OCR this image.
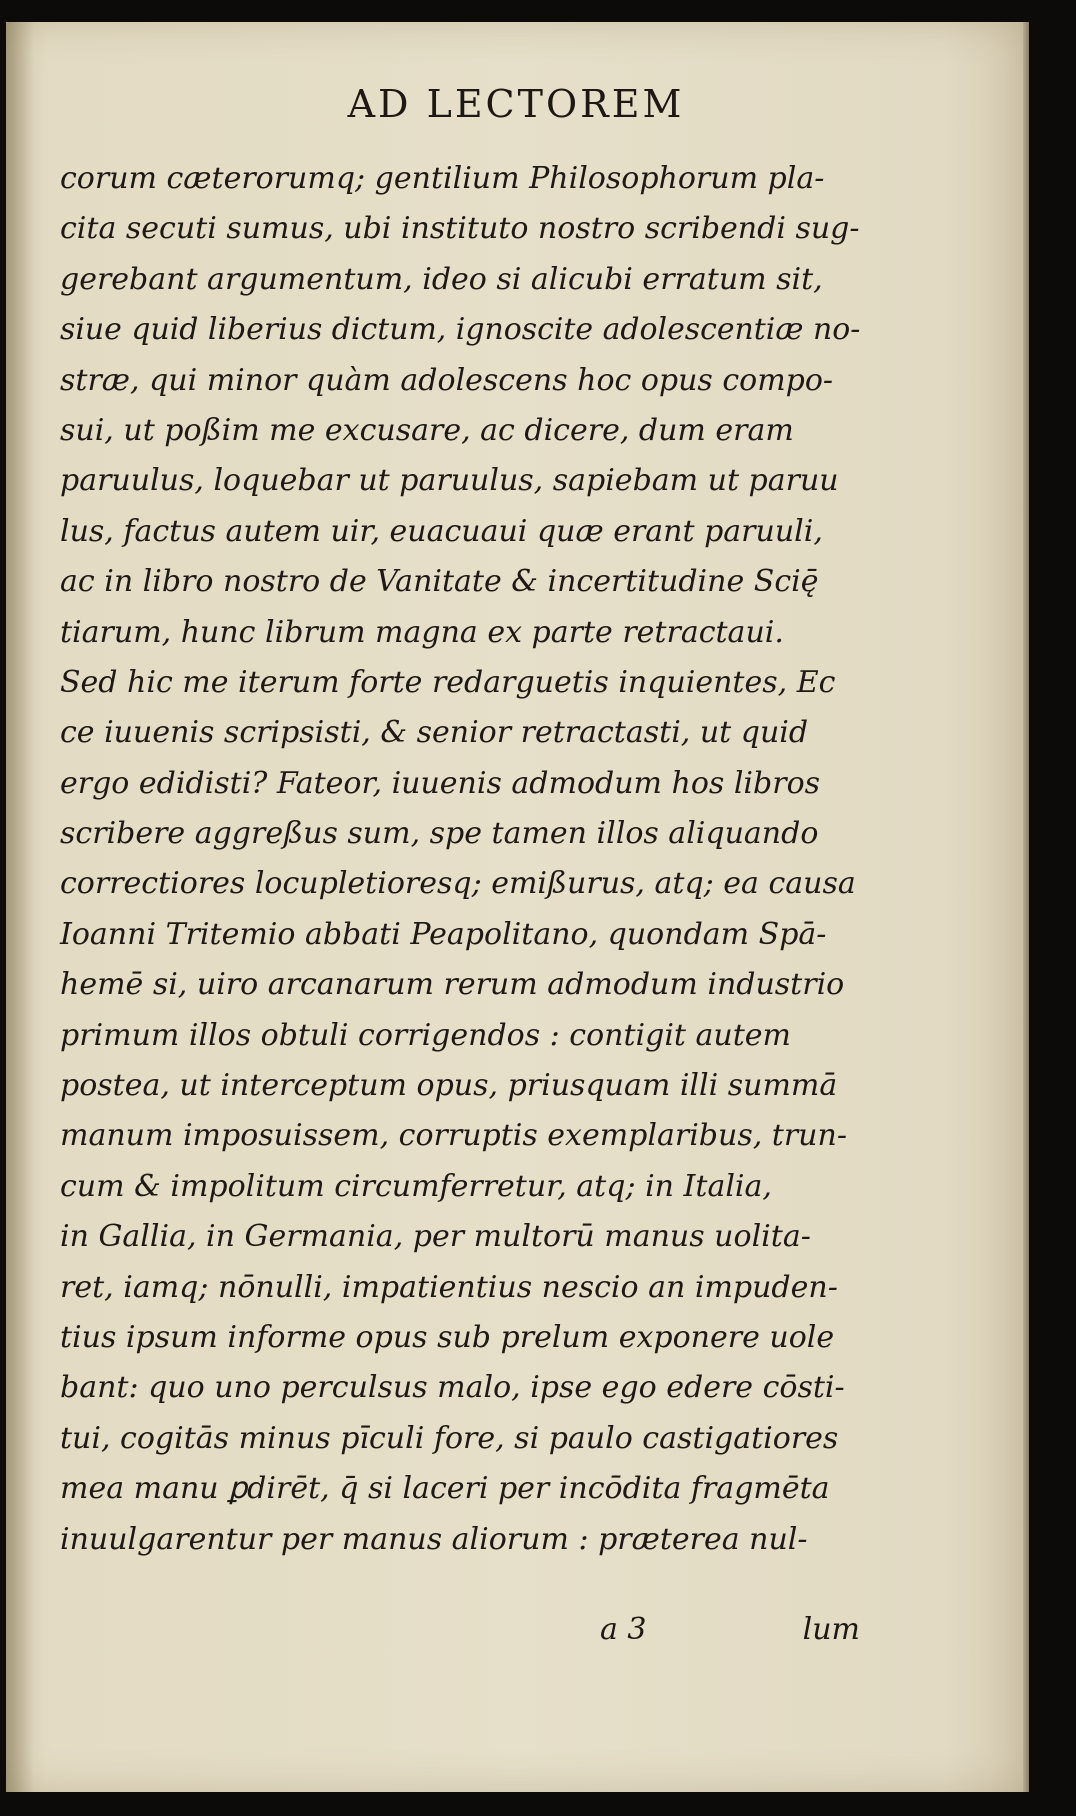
AD LECTOREM
corum cæterorumq; gentilium Philosophorum pla-
cita secuti sumus, ubi instituto nostro scribendi sug-
gerebant argumentum, ideo si alicubi erratum sit,
siue quid liberius dictum, ignoscite adolescentiæ no-
stræ, qui minor quàm adolescens hoc opus compo-
sui, ut poßim me excusare, ac dicere, dum eram
paruulus, loquebar ut paruulus, sapiebam ut paruu
lus, factus autem uir, euacuaui quæ erant paruuli,
ac in libro nostro de Vanitate & incertitudine Scię̄
tiarum, hunc librum magna ex parte retractaui.
Sed hic me iterum forte redarguetis inquientes, Ec
ce iuuenis scripsisti, & senior retractasti, ut quid
ergo edidisti? Fateor, iuuenis admodum hos libros
scribere aggreßus sum, spe tamen illos aliquando
correctiores locupletioresq; emißurus, atq; ea causa
Ioanni Tritemio abbati Peapolitano, quondam Spā-
hemē si, uiro arcanarum rerum admodum industrio
primum illos obtuli corrigendos : contigit autem
postea, ut interceptum opus, priusquam illi summā
manum imposuissem, corruptis exemplaribus, trun-
cum & impolitum circumferretur, atq; in Italia,
in Gallia, in Germania, per multorū manus uolita-
ret, iamq; nōnulli, impatientius nescio an impuden-
tius ipsum informe opus sub prelum exponere uole
bant: quo uno perculsus malo, ipse ego edere cōsti-
tui, cogitās minus pīculi fore, si paulo castigatiores
mea manu ꝑdirēt, q̄ si laceri per incōdita fragmēta
inuulgarentur per manus aliorum : præterea nul-
a 3	lum
